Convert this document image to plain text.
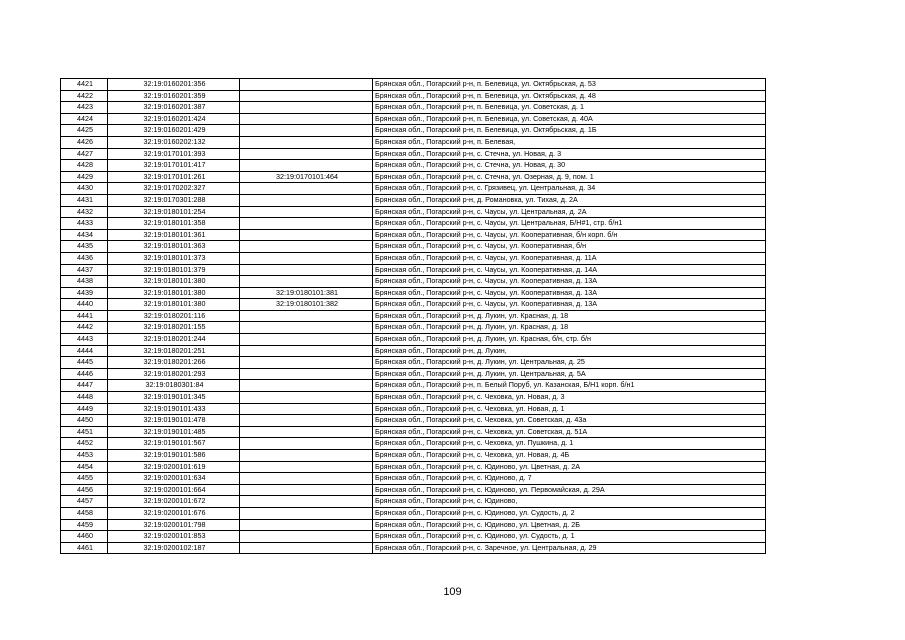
4421	32:19:0160201:356		Брянская обл., Погарский р-н, п. Белевица, ул. Октябрьская, д. 53
4422	32:19:0160201:359		Брянская обл., Погарский р-н, п. Белевица, ул. Октябрьская, д. 48
4423	32:19:0160201:387		Брянская обл., Погарский р-н, п. Белевица, ул. Советская, д. 1
4424	32:19:0160201:424		Брянская обл., Погарский р-н, п. Белевица, ул. Советская, д. 40А
4425	32:19:0160201:429		Брянская обл., Погарский р-н, п. Белевица, ул. Октябрьская, д. 1Б
4426	32:19:0160202:132		Брянская обл., Погарский р-н, п. Белевая,
4427	32:19:0170101:393		Брянская обл., Погарский р-н, с. Стечна, ул. Новая, д. 3
4428	32:19:0170101:417		Брянская обл., Погарский р-н, с. Стечна, ул. Новая, д. 30
4429	32:19:0170101:261	32:19:0170101:464	Брянская обл., Погарский р-н, с. Стечна, ул. Озерная, д. 9, пом. 1
4430	32:19:0170202:327		Брянская обл., Погарский р-н, с. Грязивец, ул. Центральная, д. 34
4431	32:19:0170301:288		Брянская обл., Погарский р-н, д. Романовка, ул. Тихая, д. 2А
4432	32:19:0180101:254		Брянская обл., Погарский р-н, с. Чаусы, ул. Центральная, д. 2А
4433	32:19:0180101:358		Брянская обл., Погарский р-н, с. Чаусы, ул. Центральная, Б/Н#1, стр. б/н1
4434	32:19:0180101:361		Брянская обл., Погарский р-н, с. Чаусы, ул. Кооперативная, б/н корп. б/н
4435	32:19:0180101:363		Брянская обл., Погарский р-н, с. Чаусы, ул. Кооперативная, б/н
4436	32:19:0180101:373		Брянская обл., Погарский р-н, с. Чаусы, ул. Кооперативная, д. 11А
4437	32:19:0180101:379		Брянская обл., Погарский р-н, с. Чаусы, ул. Кооперативная, д. 14А
4438	32:19:0180101:380		Брянская обл., Погарский р-н, с. Чаусы, ул. Кооперативная, д. 13А
4439	32:19:0180101:380	32:19:0180101:381	Брянская обл., Погарский р-н, с. Чаусы, ул. Кооперативная, д. 13А
4440	32:19:0180101:380	32:19:0180101:382	Брянская обл., Погарский р-н, с. Чаусы, ул. Кооперативная, д. 13А
4441	32:19:0180201:116		Брянская обл., Погарский р-н, д. Лукин, ул. Красная, д. 18
4442	32:19:0180201:155		Брянская обл., Погарский р-н, д. Лукин, ул. Красная, д. 18
4443	32:19:0180201:244		Брянская обл., Погарский р-н, д. Лукин, ул. Красная, б/н, стр. б/н
4444	32:19:0180201:251		Брянская обл., Погарский р-н, д. Лукин,
4445	32:19:0180201:266		Брянская обл., Погарский р-н, д. Лукин, ул. Центральная, д. 25
4446	32:19:0180201:293		Брянская обл., Погарский р-н, д. Лукин, ул. Центральная, д. 5А
4447	32:19:0180301:84		Брянская обл., Погарский р-н, п. Белый Поруб, ул. Казанская, Б/Н1 корп. б/н1
4448	32:19:0190101:345		Брянская обл., Погарский р-н, с. Чеховка, ул. Новая, д. 3
4449	32:19:0190101:433		Брянская обл., Погарский р-н, с. Чеховка, ул. Новая, д. 1
4450	32:19:0190101:478		Брянская обл., Погарский р-н, с. Чеховка, ул. Советская, д. 43а
4451	32:19:0190101:485		Брянская обл., Погарский р-н, с. Чеховка, ул. Советская, д. 51А
4452	32:19:0190101:567		Брянская обл., Погарский р-н, с. Чеховка, ул. Пушкина, д. 1
4453	32:19:0190101:586		Брянская обл., Погарский р-н, с. Чеховка, ул. Новая, д. 4Б
4454	32:19:0200101:619		Брянская обл., Погарский р-н, с. Юдиново, ул. Цветная, д. 2А
4455	32:19:0200101:634		Брянская обл., Погарский р-н, с. Юдиново, д. 7
4456	32:19:0200101:664		Брянская обл., Погарский р-н, с. Юдиново, ул. Первомайская, д. 29А
4457	32:19:0200101:672		Брянская обл., Погарский р-н, с. Юдиново,
4458	32:19:0200101:676		Брянская обл., Погарский р-н, с. Юдиново, ул. Судость, д. 2
4459	32:19:0200101:798		Брянская обл., Погарский р-н, с. Юдиново, ул. Цветная, д. 2Б
4460	32:19:0200101:853		Брянская обл., Погарский р-н, с. Юдиново, ул. Судость, д. 1
4461	32:19:0200102:187		Брянская обл., Погарский р-н, с. Заречное, ул. Центральная, д. 29
109
